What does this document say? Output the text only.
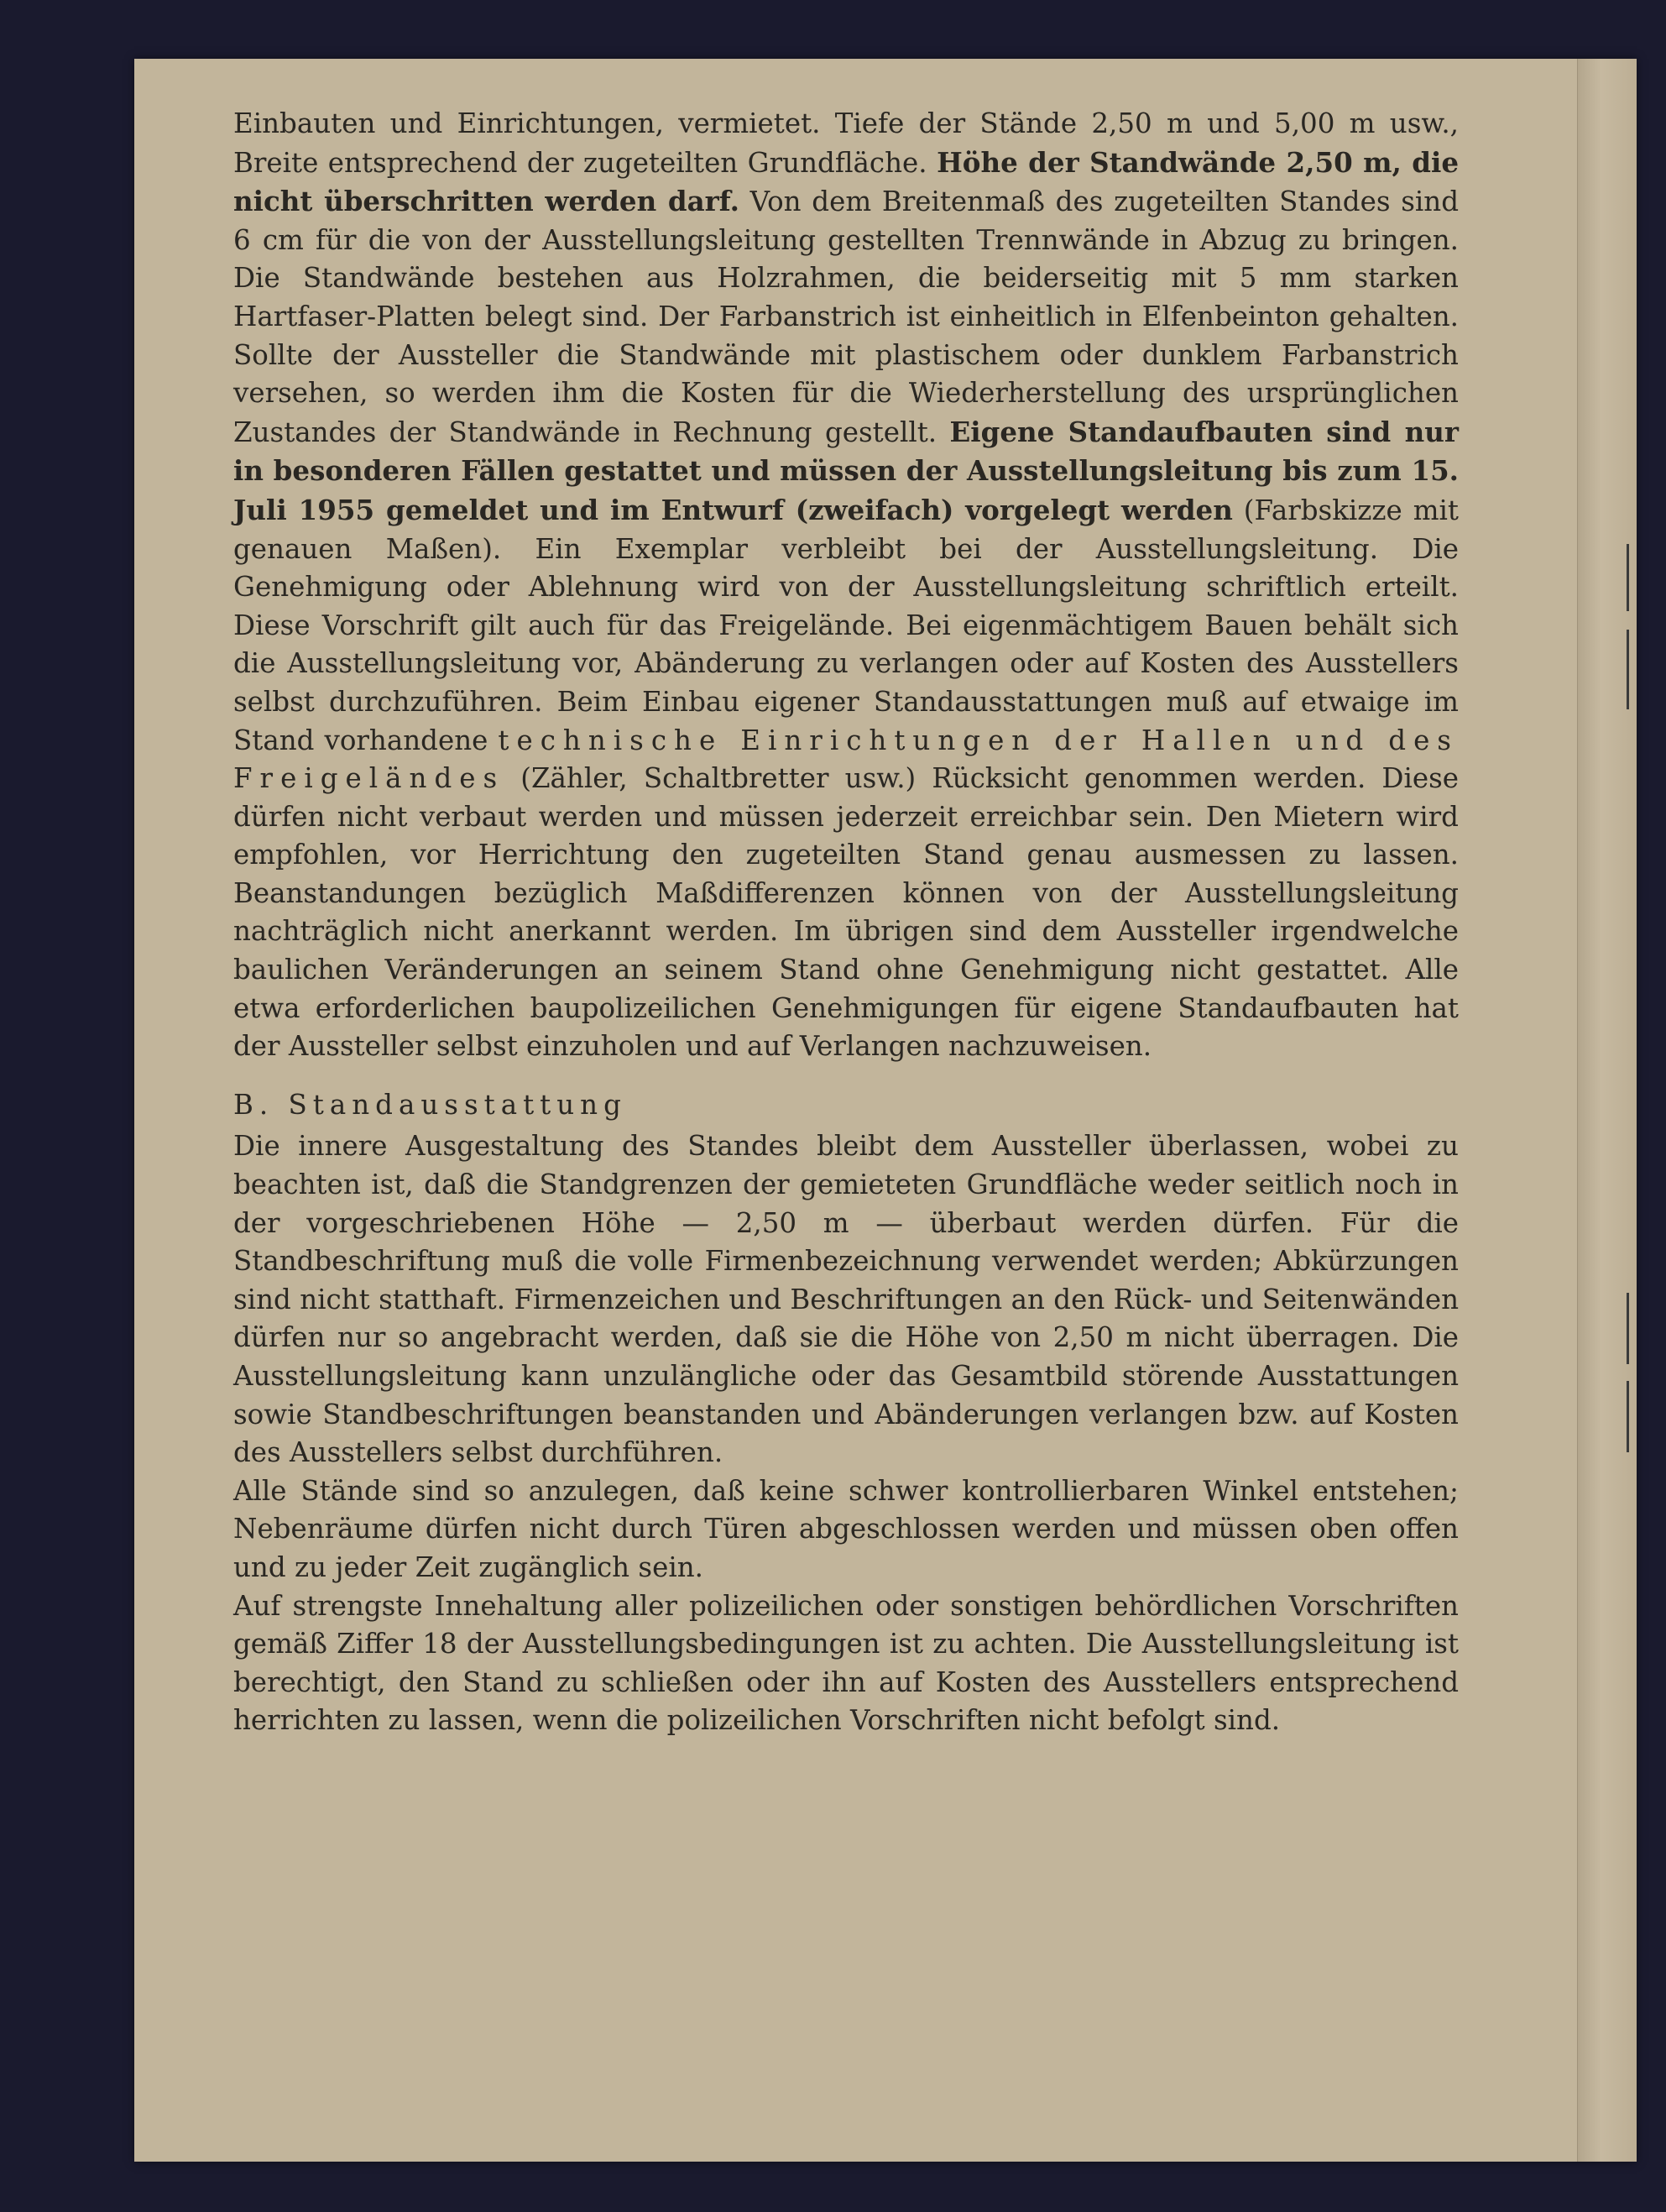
Einbauten und Einrichtungen, vermietet. Tiefe der Stände 2,50 m und 5,00 m usw., Breite entsprechend der zugeteilten Grundfläche. Höhe der Standwände 2,50 m, die nicht überschritten werden darf. Von dem Breitenmaß des zugeteilten Standes sind 6 cm für die von der Ausstellungsleitung gestellten Trennwände in Abzug zu bringen. Die Standwände bestehen aus Holzrahmen, die beiderseitig mit 5 mm starken Hartfaser-Platten belegt sind. Der Farbanstrich ist einheitlich in Elfenbeinton gehalten. Sollte der Aussteller die Standwände mit plastischem oder dunklem Farbanstrich versehen, so werden ihm die Kosten für die Wiederherstellung des ursprünglichen Zustandes der Standwände in Rechnung gestellt. Eigene Standaufbauten sind nur in besonderen Fällen gestattet und müssen der Ausstellungsleitung bis zum 15. Juli 1955 gemeldet und im Entwurf (zweifach) vorgelegt werden (Farbskizze mit genauen Maßen). Ein Exemplar verbleibt bei der Ausstellungsleitung. Die Genehmigung oder Ablehnung wird von der Ausstellungsleitung schriftlich erteilt. Diese Vorschrift gilt auch für das Freigelände. Bei eigenmächtigem Bauen behält sich die Ausstellungsleitung vor, Abänderung zu verlangen oder auf Kosten des Ausstellers selbst durchzuführen. Beim Einbau eigener Standausstattungen muß auf etwaige im Stand vorhandene technische Einrichtungen der Hallen und des Freigeländes (Zähler, Schaltbretter usw.) Rücksicht genommen werden. Diese dürfen nicht verbaut werden und müssen jederzeit erreichbar sein. Den Mietern wird empfohlen, vor Herrichtung den zugeteilten Stand genau ausmessen zu lassen. Beanstandungen bezüglich Maßdifferenzen können von der Ausstellungsleitung nachträglich nicht anerkannt werden. Im übrigen sind dem Aussteller irgendwelche baulichen Veränderungen an seinem Stand ohne Genehmigung nicht gestattet. Alle etwa erforderlichen baupolizeilichen Genehmigungen für eigene Standaufbauten hat der Aussteller selbst einzuholen und auf Verlangen nachzuweisen.

B. Standausstattung

Die innere Ausgestaltung des Standes bleibt dem Aussteller überlassen, wobei zu beachten ist, daß die Standgrenzen der gemieteten Grundfläche weder seitlich noch in der vorgeschriebenen Höhe — 2,50 m — überbaut werden dürfen. Für die Standbeschriftung muß die volle Firmenbezeichnung verwendet werden; Abkürzungen sind nicht statthaft. Firmenzeichen und Beschriftungen an den Rück- und Seitenwänden dürfen nur so angebracht werden, daß sie die Höhe von 2,50 m nicht überragen. Die Ausstellungsleitung kann unzulängliche oder das Gesamtbild störende Ausstattungen sowie Standbeschriftungen beanstanden und Abänderungen verlangen bzw. auf Kosten des Ausstellers selbst durchführen.

Alle Stände sind so anzulegen, daß keine schwer kontrollierbaren Winkel entstehen; Nebenräume dürfen nicht durch Türen abgeschlossen werden und müssen oben offen und zu jeder Zeit zugänglich sein.

Auf strengste Innehaltung aller polizeilichen oder sonstigen behördlichen Vorschriften gemäß Ziffer 18 der Ausstellungsbedingungen ist zu achten. Die Ausstellungsleitung ist berechtigt, den Stand zu schließen oder ihn auf Kosten des Ausstellers entsprechend herrichten zu lassen, wenn die polizeilichen Vorschriften nicht befolgt sind.
